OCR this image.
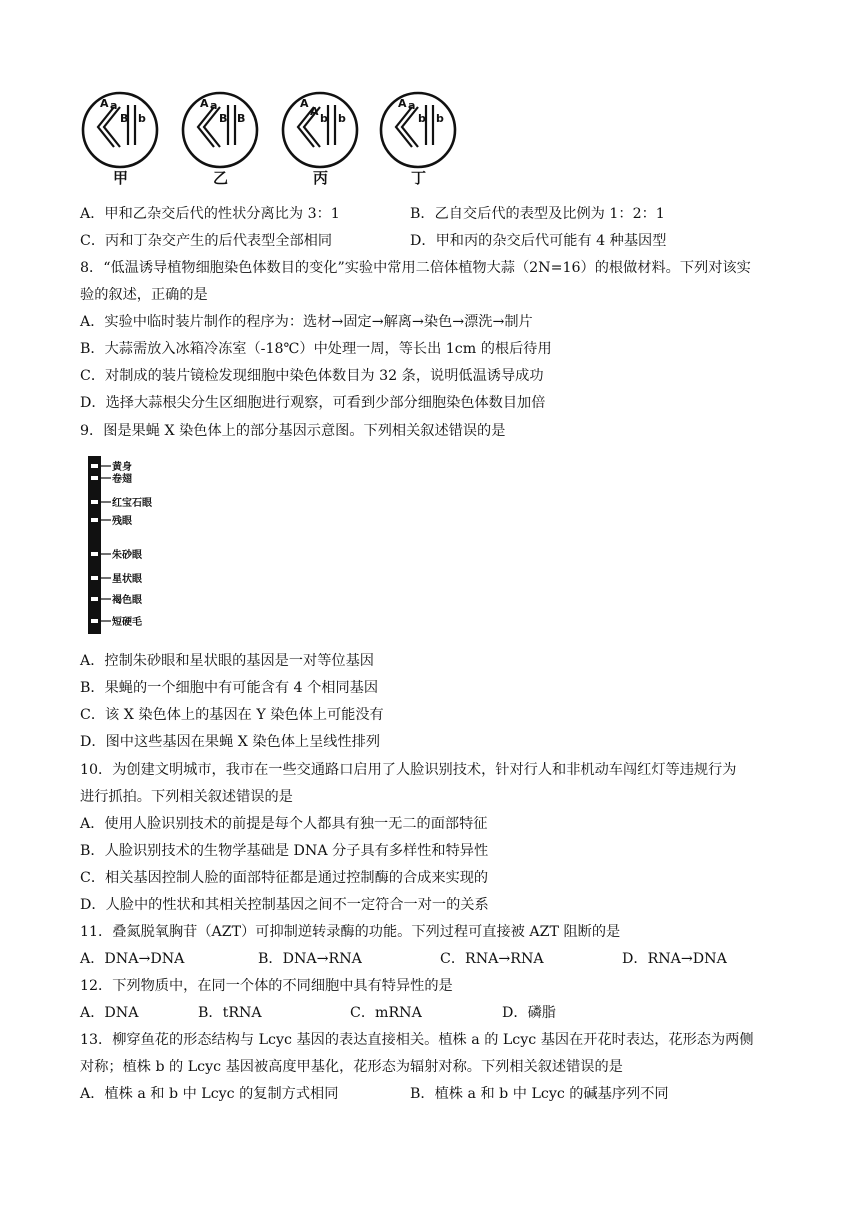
A a
B b
A a
B B
A
A
b b
A a
b b
甲	乙	丙	丁
A．甲和乙杂交后代的性状分离比为 3：1	B．乙自交后代的表型及比例为 1：2：1
C．丙和丁杂交产生的后代表型全部相同	D．甲和丙的杂交后代可能有 4 种基因型
8．“低温诱导植物细胞染色体数目的变化”实验中常用二倍体植物大蒜（2N=16）的根做材料。下列对该实
验的叙述，正确的是
A．实验中临时装片制作的程序为：选材→固定→解离→染色→漂洗→制片
B．大蒜需放入冰箱冷冻室（-18℃）中处理一周，等长出 1cm 的根后待用
C．对制成的装片镜检发现细胞中染色体数目为 32 条，说明低温诱导成功
D．选择大蒜根尖分生区细胞进行观察，可看到少部分细胞染色体数目加倍
9．图是果蝇 X 染色体上的部分基因示意图。下列相关叙述错误的是
黄身
卷翅
红宝石眼
残眼
朱砂眼
星状眼
褐色眼
短硬毛
A．控制朱砂眼和星状眼的基因是一对等位基因
B．果蝇的一个细胞中有可能含有 4 个相同基因
C．该 X 染色体上的基因在 Y 染色体上可能没有
D．图中这些基因在果蝇 X 染色体上呈线性排列
10．为创建文明城市，我市在一些交通路口启用了人脸识别技术，针对行人和非机动车闯红灯等违规行为
进行抓拍。下列相关叙述错误的是
A．使用人脸识别技术的前提是每个人都具有独一无二的面部特征
B．人脸识别技术的生物学基础是 DNA 分子具有多样性和特异性
C．相关基因控制人脸的面部特征都是通过控制酶的合成来实现的
D．人脸中的性状和其相关控制基因之间不一定符合一对一的关系
11．叠氮脱氧胸苷（AZT）可抑制逆转录酶的功能。下列过程可直接被 AZT 阻断的是
A．DNA→DNA	B．DNA→RNA	C．RNA→RNA	D．RNA→DNA
12．下列物质中，在同一个体的不同细胞中具有特异性的是
A．DNA	B．tRNA	C．mRNA	D．磷脂
13．柳穿鱼花的形态结构与 Lcyc 基因的表达直接相关。植株 a 的 Lcyc 基因在开花时表达，花形态为两侧
对称；植株 b 的 Lcyc 基因被高度甲基化，花形态为辐射对称。下列相关叙述错误的是
A．植株 a 和 b 中 Lcyc 的复制方式相同	B．植株 a 和 b 中 Lcyc 的碱基序列不同
